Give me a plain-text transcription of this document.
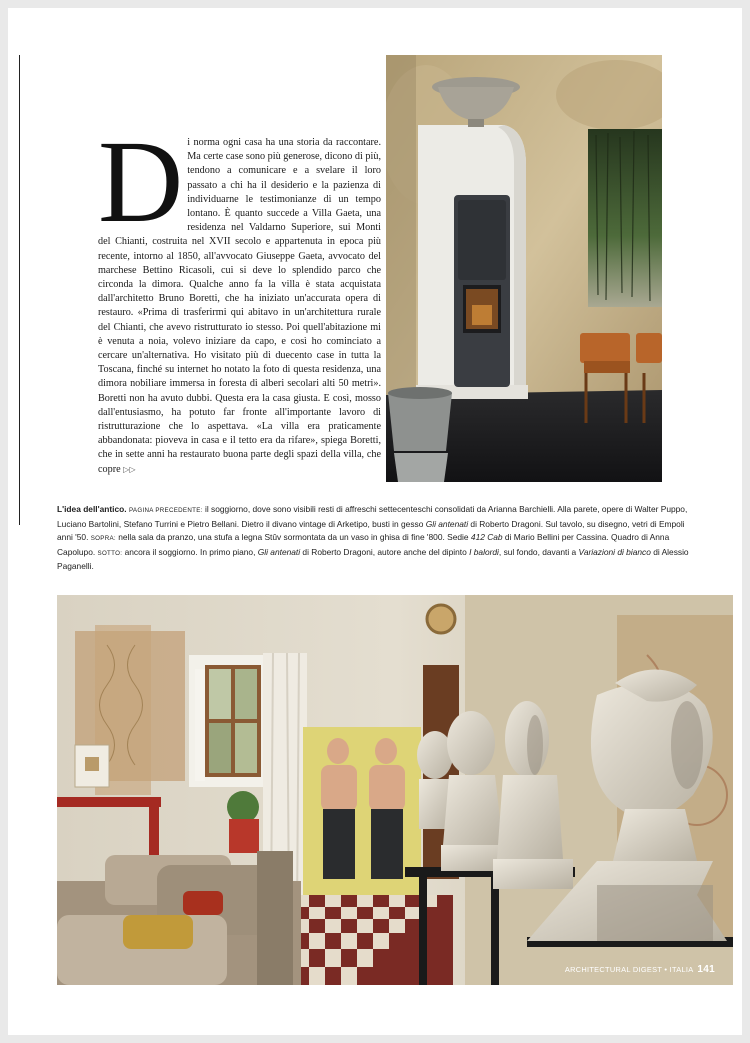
D i norma ogni casa ha una storia da raccontare. Ma certe case sono più generose, dicono di più, tendono a comunicare e a svelare il loro passato a chi ha il desiderio e la pazienza di individuarne le testimonianze di un tempo lontano. È quanto succede a Villa Gaeta, una residenza nel Valdarno Superiore, sui Monti del Chianti, costruita nel XVII secolo e appartenuta in epoca più recente, intorno al 1850, all'avvocato Giuseppe Gaeta, avvocato del marchese Bettino Ricasoli, cui si deve lo splendido parco che circonda la dimora. Qualche anno fa la villa è stata acquistata dall'architetto Bruno Boretti, che ha iniziato un'accurata opera di restauro. «Prima di trasferirmi qui abitavo in un'architettura rurale del Chianti, che avevo ristrutturato io stesso. Poi quell'abitazione mi è venuta a noia, volevo iniziare da capo, e così ho cominciato a cercare un'alternativa. Ho visitato più di duecento case in tutta la Toscana, finché su internet ho notato la foto di questa residenza, una dimora nobiliare immersa in foresta di alberi secolari alti 50 metri». Boretti non ha avuto dubbi. Questa era la casa giusta. E così, mosso dall'entusiasmo, ha potuto far fronte all'importante lavoro di ristrutturazione che lo aspettava. «La villa era praticamente abbandonata: pioveva in casa e il tetto era da rifare», spiega Boretti, che in sette anni ha restaurato buona parte degli spazi della villa, che copre ▷▷
L'idea dell'antico. PAGINA PRECEDENTE: il soggiorno, dove sono visibili resti di affreschi settecenteschi consolidati da Arianna Barchielli. Alla parete, opere di Walter Puppo, Luciano Bartolini, Stefano Turrini e Pietro Bellani. Dietro il divano vintage di Arketipo, busti in gesso Gli antenati di Roberto Dragoni. Sul tavolo, su disegno, vetri di Empoli anni '50. SOPRA: nella sala da pranzo, una stufa a legna Stûv sormontata da un vaso in ghisa di fine '800. Sedie 412 Cab di Mario Bellini per Cassina. Quadro di Anna Capolupo. SOTTO: ancora il soggiorno. In primo piano, Gli antenati di Roberto Dragoni, autore anche del dipinto I balordi, sul fondo, davanti a Variazioni di bianco di Alessio Paganelli.
ARCHITECTURAL DIGEST • ITALIA 141
